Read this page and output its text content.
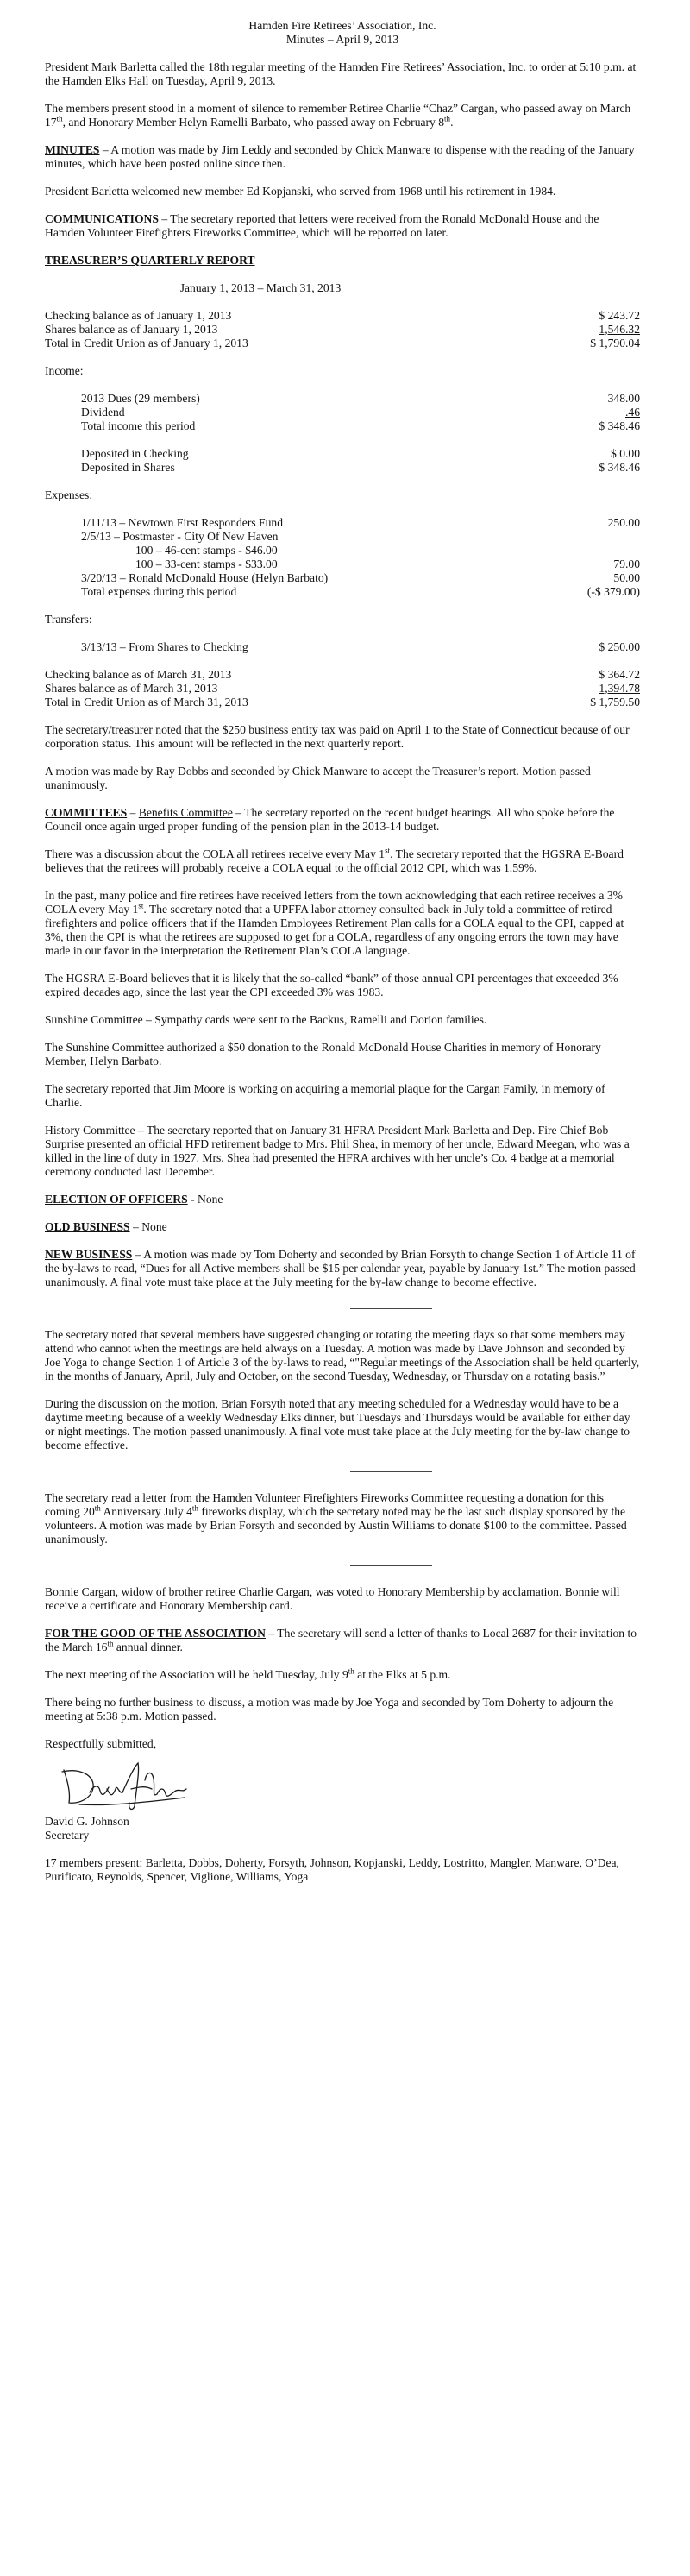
Hamden Fire Retirees’ Association, Inc.

Minutes – April 9, 2013

President Mark Barletta called the 18th regular meeting of the Hamden Fire Retirees’ Association, Inc. to order at 5:10 p.m. at the Hamden Elks Hall on Tuesday, April 9, 2013.

The members present stood in a moment of silence to remember Retiree Charlie “Chaz” Cargan, who passed away on March 17th, and Honorary Member Helyn Ramelli Barbato, who passed away on February 8th.

MINUTES – A motion was made by Jim Leddy and seconded by Chick Manware to dispense with the reading of the January minutes, which have been posted online since then.

President Barletta welcomed new member Ed Kopjanski, who served from 1968 until his retirement in 1984.

COMMUNICATIONS – The secretary reported that letters were received from the Ronald McDonald House and the Hamden Volunteer Firefighters Fireworks Committee, which will be reported on later.

TREASURER’S QUARTERLY REPORT

January 1, 2013 – March 31, 2013

Checking balance as of January 1, 2013	$ 243.72
Shares balance as of January 1, 2013	1,546.32
Total in Credit Union as of January 1, 2013	$ 1,790.04

Income:

2013 Dues (29 members)	348.00
Dividend	.46
Total income this period	$ 348.46
Deposited in Checking	$ 0.00
Deposited in Shares	$ 348.46

Expenses:

1/11/13 – Newtown First Responders Fund	250.00
2/5/13 – Postmaster - City Of New Haven
100 – 46-cent stamps - $46.00
100 – 33-cent stamps - $33.00	79.00
3/20/13 – Ronald McDonald House (Helyn Barbato)	50.00
Total expenses during this period	(-$ 379.00)

Transfers:

3/13/13 – From Shares to Checking	$ 250.00
Checking balance as of March 31, 2013	$ 364.72
Shares balance as of March 31, 2013	1,394.78
Total in Credit Union as of March 31, 2013	$ 1,759.50

The secretary/treasurer noted that the $250 business entity tax was paid on April 1 to the State of Connecticut because of our corporation status. This amount will be reflected in the next quarterly report.

A motion was made by Ray Dobbs and seconded by Chick Manware to accept the Treasurer’s report. Motion passed unanimously.

COMMITTEES – Benefits Committee – The secretary reported on the recent budget hearings. All who spoke before the Council once again urged proper funding of the pension plan in the 2013-14 budget.

There was a discussion about the COLA all retirees receive every May 1st. The secretary reported that the HGSRA E-Board believes that the retirees will probably receive a COLA equal to the official 2012 CPI, which was 1.59%.

In the past, many police and fire retirees have received letters from the town acknowledging that each retiree receives a 3% COLA every May 1st. The secretary noted that a UPFFA labor attorney consulted back in July told a committee of retired firefighters and police officers that if the Hamden Employees Retirement Plan calls for a COLA equal to the CPI, capped at 3%, then the CPI is what the retirees are supposed to get for a COLA, regardless of any ongoing errors the town may have made in our favor in the interpretation the Retirement Plan’s COLA language.

The HGSRA E-Board believes that it is likely that the so-called “bank” of those annual CPI percentages that exceeded 3% expired decades ago, since the last year the CPI exceeded 3% was 1983.

Sunshine Committee – Sympathy cards were sent to the Backus, Ramelli and Dorion families.

The Sunshine Committee authorized a $50 donation to the Ronald McDonald House Charities in memory of Honorary Member, Helyn Barbato.

The secretary reported that Jim Moore is working on acquiring a memorial plaque for the Cargan Family, in memory of Charlie.

History Committee – The secretary reported that on January 31 HFRA President Mark Barletta and Dep. Fire Chief Bob Surprise presented an official HFD retirement badge to Mrs. Phil Shea, in memory of her uncle, Edward Meegan, who was a killed in the line of duty in 1927. Mrs. Shea had presented the HFRA archives with her uncle’s Co. 4 badge at a memorial ceremony conducted last December.

ELECTION OF OFFICERS - None

OLD BUSINESS – None

NEW BUSINESS – A motion was made by Tom Doherty and seconded by Brian Forsyth to change Section 1 of Article 11 of the by-laws to read, “Dues for all Active members shall be $15 per calendar year, payable by January 1st.” The motion passed unanimously. A final vote must take place at the July meeting for the by-law change to become effective.

The secretary noted that several members have suggested changing or rotating the meeting days so that some members may attend who cannot when the meetings are held always on a Tuesday. A motion was made by Dave Johnson and seconded by Joe Yoga to change Section 1 of Article 3 of the by-laws to read, “"Regular meetings of the Association shall be held quarterly, in the months of January, April, July and October, on the second Tuesday, Wednesday, or Thursday on a rotating basis.”

During the discussion on the motion, Brian Forsyth noted that any meeting scheduled for a Wednesday would have to be a daytime meeting because of a weekly Wednesday Elks dinner, but Tuesdays and Thursdays would be available for either day or night meetings. The motion passed unanimously. A final vote must take place at the July meeting for the by-law change to become effective.

The secretary read a letter from the Hamden Volunteer Firefighters Fireworks Committee requesting a donation for this coming 20th Anniversary July 4th fireworks display, which the secretary noted may be the last such display sponsored by the volunteers. A motion was made by Brian Forsyth and seconded by Austin Williams to donate $100 to the committee. Passed unanimously.

Bonnie Cargan, widow of brother retiree Charlie Cargan, was voted to Honorary Membership by acclamation. Bonnie will receive a certificate and Honorary Membership card.

FOR THE GOOD OF THE ASSOCIATION – The secretary will send a letter of thanks to Local 2687 for their invitation to the March 16th annual dinner.

The next meeting of the Association will be held Tuesday, July 9th at the Elks at 5 p.m.

There being no further business to discuss, a motion was made by Joe Yoga and seconded by Tom Doherty to adjourn the meeting at 5:38 p.m. Motion passed.

Respectfully submitted,

David G. Johnson

Secretary

17 members present: Barletta, Dobbs, Doherty, Forsyth, Johnson, Kopjanski, Leddy, Lostritto, Mangler, Manware, O’Dea, Purificato, Reynolds, Spencer, Viglione, Williams, Yoga
